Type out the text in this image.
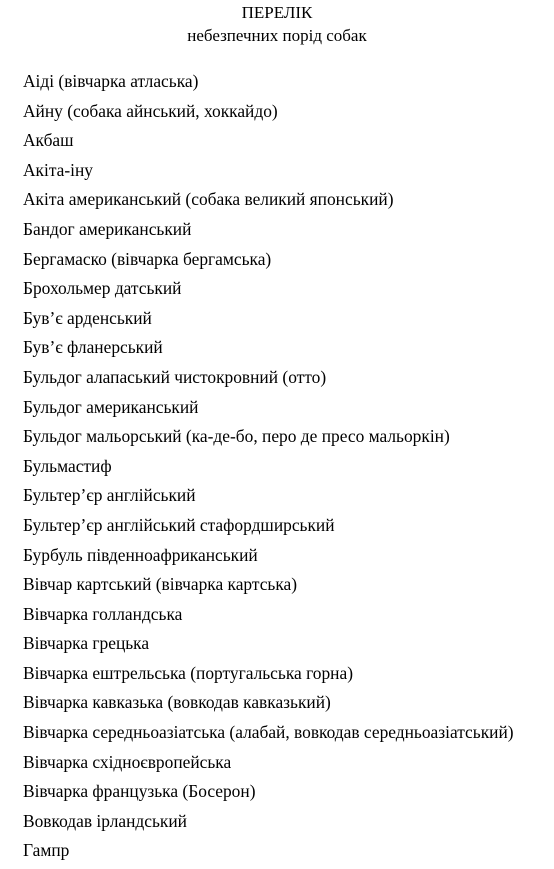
ПЕРЕЛІК
небезпечних порід собак
Аіді (вівчарка атласька)
Айну (собака айнський, хоккайдо)
Акбаш
Акіта-іну
Акіта американський (собака великий японський)
Бандог американський
Бергамаско (вівчарка бергамська)
Брохольмер датський
Був’є арденський
Був’є фланерський
Бульдог алапаський чистокровний (отто)
Бульдог американський
Бульдог мальорський (ка-де-бо, перо де пресо мальоркін)
Бульмастиф
Бультер’єр англійський
Бультер’єр англійський стафордширський
Бурбуль південноафриканський
Вівчар картський (вівчарка картська)
Вівчарка голландська
Вівчарка грецька
Вівчарка ештрельська (португальська горна)
Вівчарка кавказька (вовкодав кавказький)
Вівчарка середньоазіатська (алабай, вовкодав середньоазіатський)
Вівчарка східноєвропейська
Вівчарка французька (Босерон)
Вовкодав ірландський
Гампр
